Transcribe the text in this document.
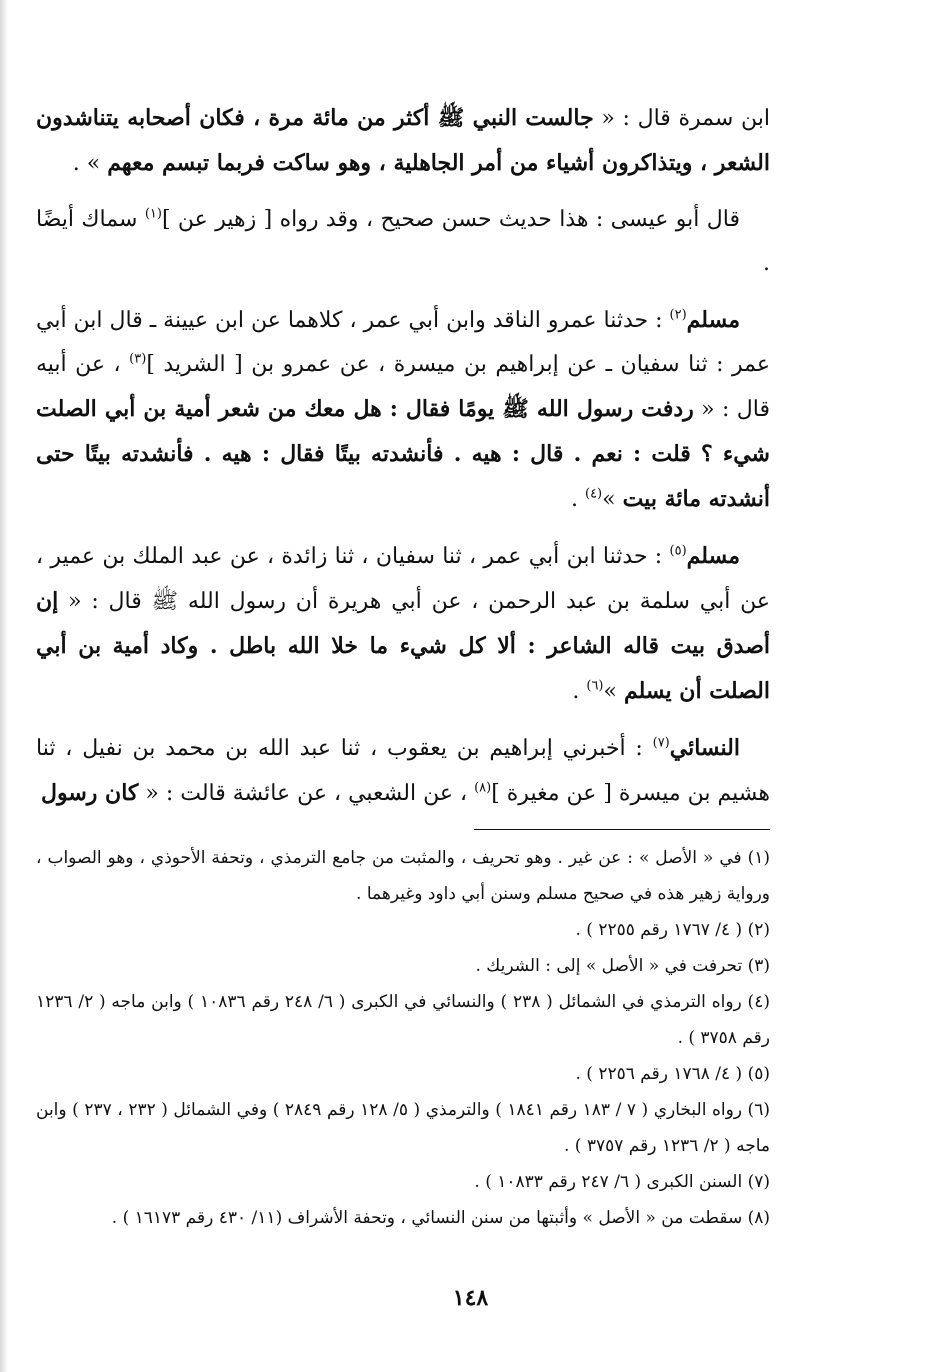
ابن سمرة قال : « جالست النبي ﷺ أكثر من مائة مرة ، فكان أصحابه يتناشدون الشعر ، ويتذاكرون أشياء من أمر الجاهلية ، وهو ساكت فربما تبسم معهم » .

قال أبو عيسى : هذا حديث حسن صحيح ، وقد رواه [ زهير عن ]$^{(١)}$ سماك أيضًا .

مسلم$^{(٢)}$ : حدثنا عمرو الناقد وابن أبي عمر ، كلاهما عن ابن عيينة ـ قال ابن أبي عمر : ثنا سفيان ـ عن إبراهيم بن ميسرة ، عن عمرو بن [ الشريد ]$^{(٣)}$ ، عن أبيه قال : « ردفت رسول الله ﷺ يومًا فقال : هل معك من شعر أمية بن أبي الصلت شيء ؟ قلت : نعم . قال : هيه . فأنشدته بيتًا فقال : هيه . فأنشدته بيتًا حتى أنشدته مائة بيت »$^{(٤)}$ .

مسلم$^{(٥)}$ : حدثنا ابن أبي عمر ، ثنا سفيان ، ثنا زائدة ، عن عبد الملك بن عمير ، عن أبي سلمة بن عبد الرحمن ، عن أبي هريرة أن رسول الله ﷺ قال : « إن أصدق بيت قاله الشاعر : ألا كل شيء ما خلا الله باطل . وكاد أمية بن أبي الصلت أن يسلم »$^{(٦)}$ .

النسائي$^{(٧)}$ : أخبرني إبراهيم بن يعقوب ، ثنا عبد الله بن محمد بن نفيل ، ثنا هشيم بن ميسرة [ عن مغيرة ]$^{(٨)}$ ، عن الشعبي ، عن عائشة قالت : « كان رسول

(١) في « الأصل » : عن غير . وهو تحريف ، والمثبت من جامع الترمذي ، وتحفة الأحوذي ، وهو الصواب ، ورواية زهير هذه في صحيح مسلم وسنن أبي داود وغيرهما .

(٢) ( ٤/ ١٧٦٧ رقم ٢٢٥٥ ) .

(٣) تحرفت في « الأصل » إلى : الشريك .

(٤) رواه الترمذي في الشمائل ( ٢٣٨ ) والنسائي في الكبرى ( ٦/ ٢٤٨ رقم ١٠٨٣٦ ) وابن ماجه ( ٢/ ١٢٣٦ رقم ٣٧٥٨ ) .

(٥) ( ٤/ ١٧٦٨ رقم ٢٢٥٦ ) .

(٦) رواه البخاري ( ٧ / ١٨٣ رقم ١٨٤١ ) والترمذي ( ٥/ ١٢٨ رقم ٢٨٤٩ ) وفي الشمائل ( ٢٣٢ ، ٢٣٧ ) وابن ماجه ( ٢/ ١٢٣٦ رقم ٣٧٥٧ ) .

(٧) السنن الكبرى ( ٦/ ٢٤٧ رقم ١٠٨٣٣ ) .

(٨) سقطت من « الأصل » وأثبتها من سنن النسائي ، وتحفة الأشراف (١١/ ٤٣٠ رقم ١٦١٧٣ ) .

١٤٨
